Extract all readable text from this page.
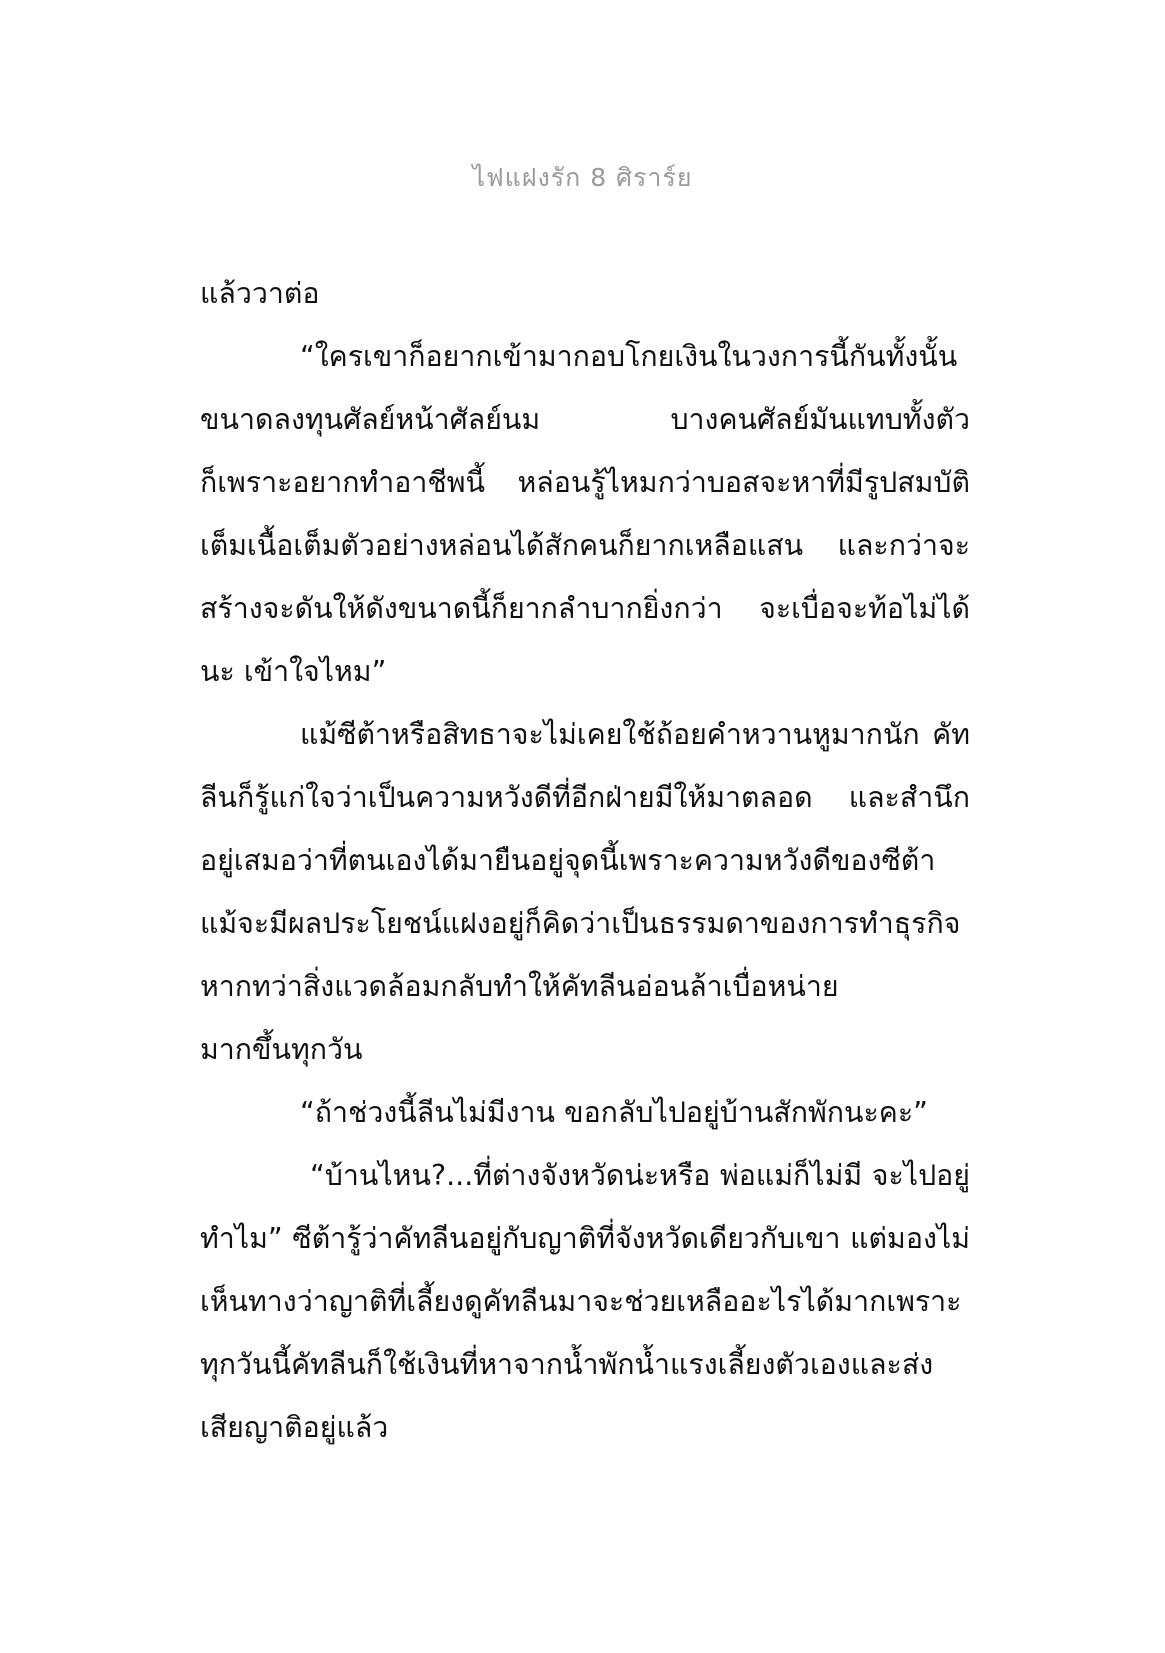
ไฟแฝงรัก 8 ศิราร์ย
แล้ววาต่อ
“ใครเขาก็อยากเข้ามากอบโกยเงินในวงการนี้กันทั้งนั้น
ขนาดลงทุนศัลย์หน้าศัลย์นม บางคนศัลย์มันแทบทั้งตัว
ก็เพราะอยากทำอาชีพนี้ หล่อนรู้ไหมกว่าบอสจะหาที่มีรูปสมบัติ
เต็มเนื้อเต็มตัวอย่างหล่อนได้สักคนก็ยากเหลือแสน และกว่าจะ
สร้างจะดันให้ดังขนาดนี้ก็ยากลำบากยิ่งกว่า จะเบื่อจะท้อไม่ได้
นะ เข้าใจไหม”
แม้ซีต้าหรือสิทธาจะไม่เคยใช้ถ้อยคำหวานหูมากนัก คัท
ลีนก็รู้แก่ใจว่าเป็นความหวังดีที่อีกฝ่ายมีให้มาตลอด และสำนึก
อยู่เสมอว่าที่ตนเองได้มายืนอยู่จุดนี้เพราะความหวังดีของซีต้า
แม้จะมีผลประโยชน์แฝงอยู่ก็คิดว่าเป็นธรรมดาของการทำธุรกิจ
หากทว่าสิ่งแวดล้อมกลับทำให้คัทลีนอ่อนล้าเบื่อหน่าย
มากขึ้นทุกวัน
“ถ้าช่วงนี้ลีนไม่มีงาน ขอกลับไปอยู่บ้านสักพักนะคะ”
“บ้านไหน?...ที่ต่างจังหวัดน่ะหรือ พ่อแม่ก็ไม่มี จะไปอยู่
ทำไม” ซีต้ารู้ว่าคัทลีนอยู่กับญาติที่จังหวัดเดียวกับเขา แต่มองไม่
เห็นทางว่าญาติที่เลี้ยงดูคัทลีนมาจะช่วยเหลืออะไรได้มากเพราะ
ทุกวันนี้คัทลีนก็ใช้เงินที่หาจากน้ำพักน้ำแรงเลี้ยงตัวเองและส่ง
เสียญาติอยู่แล้ว
